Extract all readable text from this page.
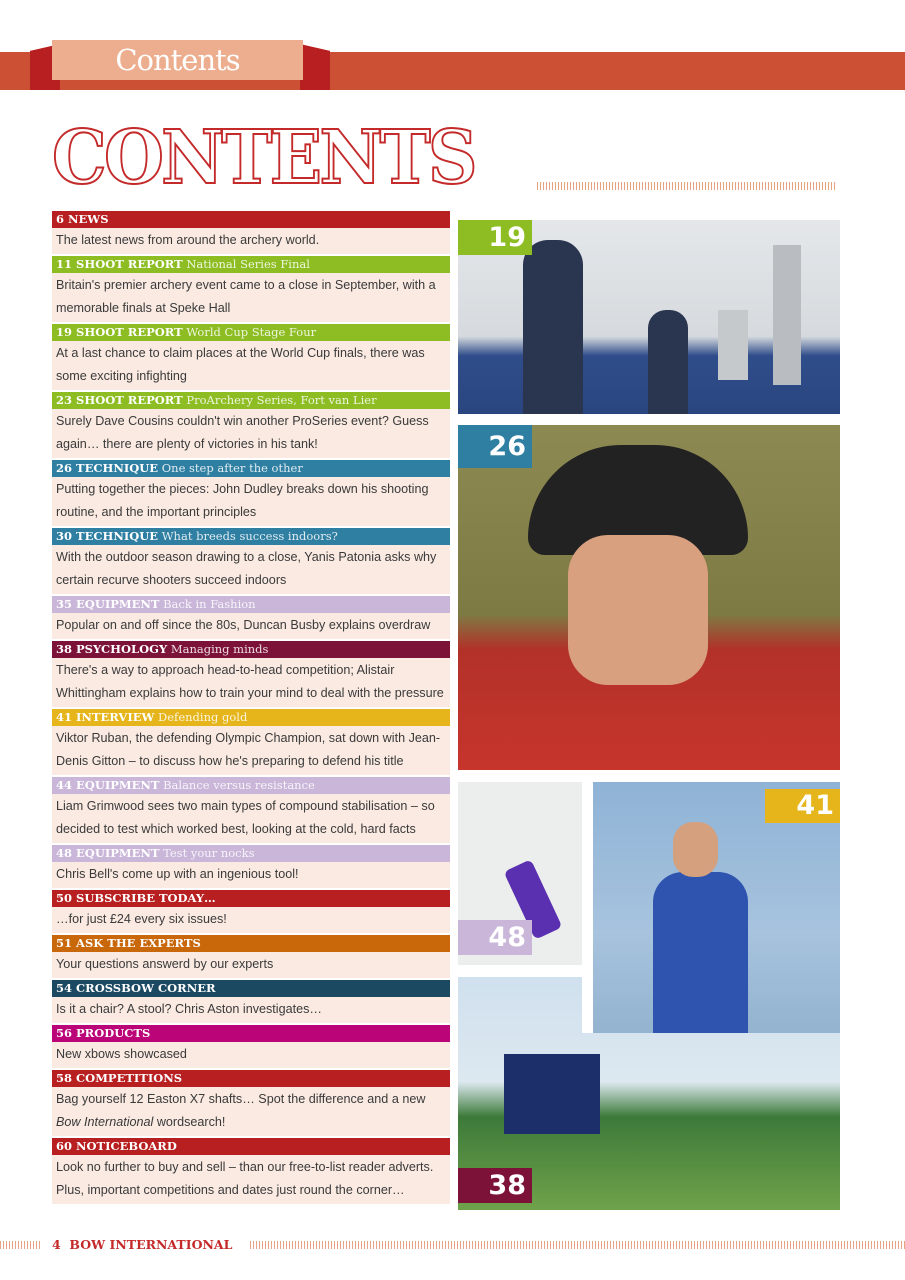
Contents
CONTENTS
6 NEWS
The latest news from around the archery world.
11 SHOOT REPORT National Series Final
Britain's premier archery event came to a close in September, with a memorable finals at Speke Hall
19 SHOOT REPORT World Cup Stage Four
At a last chance to claim places at the World Cup finals, there was some exciting infighting
23 SHOOT REPORT ProArchery Series, Fort van Lier
Surely Dave Cousins couldn't win another ProSeries event? Guess again… there are plenty of victories in his tank!
26 TECHNIQUE One step after the other
Putting together the pieces: John Dudley breaks down his shooting routine, and the important principles
30 TECHNIQUE What breeds success indoors?
With the outdoor season drawing to a close, Yanis Patonia asks why certain recurve shooters succeed indoors
35 EQUIPMENT Back in Fashion
Popular on and off since the 80s, Duncan Busby explains overdraw
38 PSYCHOLOGY Managing minds
There's a way to approach head-to-head competition; Alistair Whittingham explains how to train your mind to deal with the pressure
41 INTERVIEW Defending gold
Viktor Ruban, the defending Olympic Champion, sat down with Jean-Denis Gitton – to discuss how he's preparing to defend his title
44 EQUIPMENT Balance versus resistance
Liam Grimwood sees two main types of compound stabilisation – so decided to test which worked best, looking at the cold, hard facts
48 EQUIPMENT Test your nocks
Chris Bell's come up with an ingenious tool!
50 SUBSCRIBE TODAY…
…for just £24 every six issues!
51 ASK THE EXPERTS
Your questions answerd by our experts
54 CROSSBOW CORNER
Is it a chair? A stool? Chris Aston investigates…
56 PRODUCTS
New xbows showcased
58 COMPETITIONS
Bag yourself 12 Easton X7 shafts… Spot the difference and a new Bow International wordsearch!
60 NOTICEBOARD
Look no further to buy and sell – than our free-to-list reader adverts. Plus, important competitions and dates just round the corner…
19
26
48
38
41
4 BOW INTERNATIONAL
